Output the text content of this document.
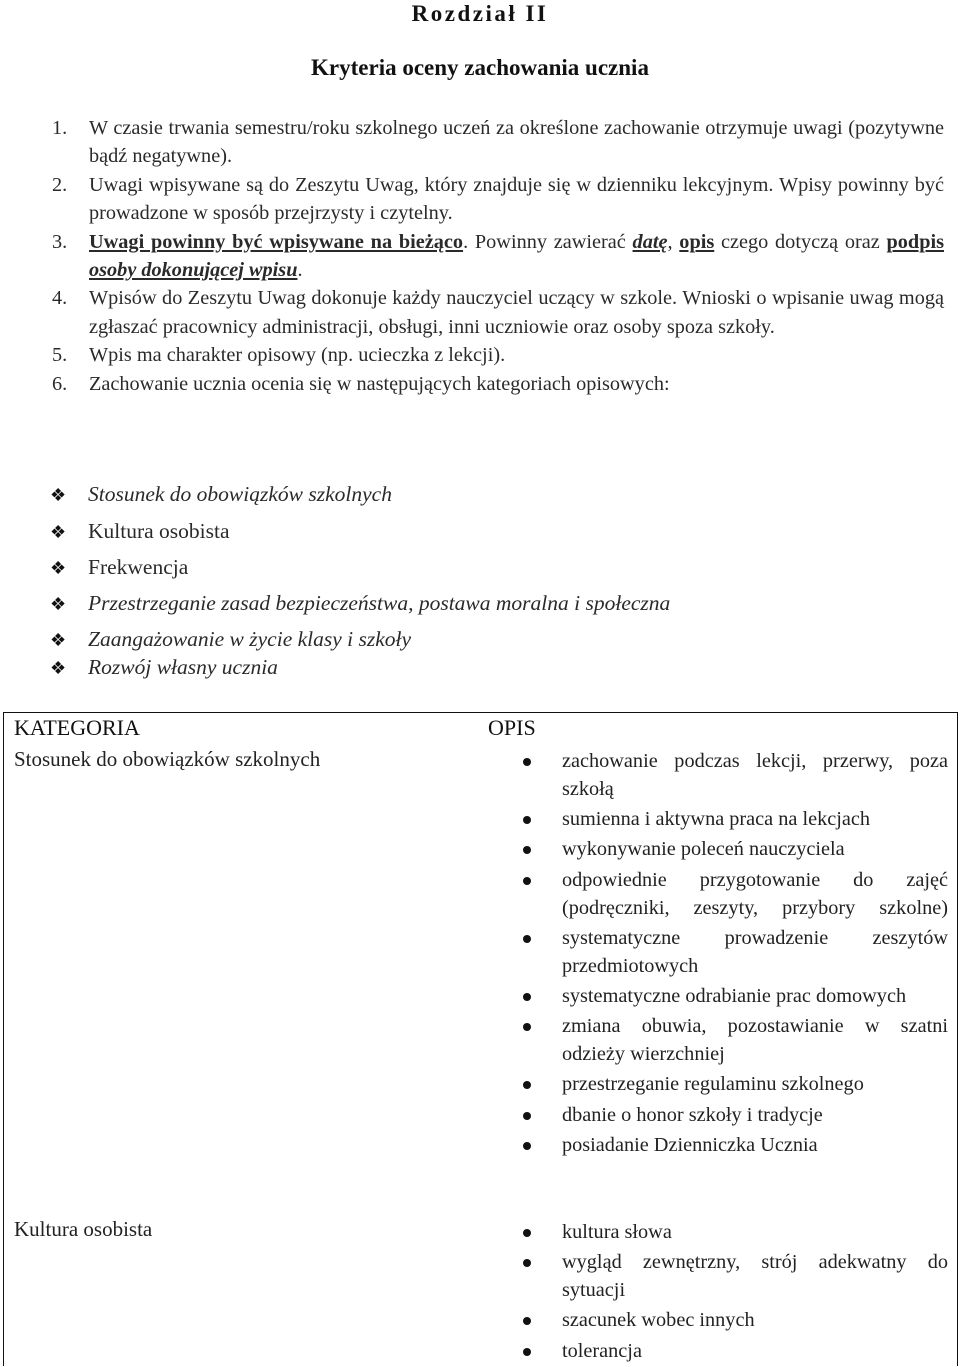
Rozdział II
Kryteria oceny zachowania ucznia
1. W czasie trwania semestru/roku szkolnego uczeń za określone zachowanie otrzymuje uwagi (pozytywne bądź negatywne).
2. Uwagi wpisywane są do Zeszytu Uwag, który znajduje się w dzienniku lekcyjnym. Wpisy powinny być prowadzone w sposób przejrzysty i czytelny.
3. Uwagi powinny być wpisywane na bieżąco. Powinny zawierać datę, opis czego dotyczą oraz podpis osoby dokonującej wpisu.
4. Wpisów do Zeszytu Uwag dokonuje każdy nauczyciel uczący w szkole. Wnioski o wpisanie uwag mogą zgłaszać pracownicy administracji, obsługi, inni uczniowie oraz osoby spoza szkoły.
5. Wpis ma charakter opisowy (np. ucieczka z lekcji).
6. Zachowanie ucznia ocenia się w następujących kategoriach opisowych:
❖ Stosunek do obowiązków szkolnych
❖ Kultura osobista
❖ Frekwencja
❖ Przestrzeganie zasad bezpieczeństwa, postawa moralna i społeczna
❖ Zaangażowanie w życie klasy i szkoły
❖ Rozwój własny ucznia
KATEGORIA	OPIS
Stosunek do obowiązków szkolnych	zachowanie podczas lekcji, przerwy, poza szkołą
sumienna i aktywna praca na lekcjach
wykonywanie poleceń nauczyciela
odpowiednie przygotowanie do zajęć (podręczniki, zeszyty, przybory szkolne)
systematyczne prowadzenie zeszytów przedmiotowych
systematyczne odrabianie prac domowych
zmiana obuwia, pozostawianie w szatni odzieży wierzchniej
przestrzeganie regulaminu szkolnego
dbanie o honor szkoły i tradycje
posiadanie Dzienniczka Ucznia
Kultura osobista	kultura słowa
wygląd zewnętrzny, strój adekwatny do sytuacji
szacunek wobec innych
tolerancja
